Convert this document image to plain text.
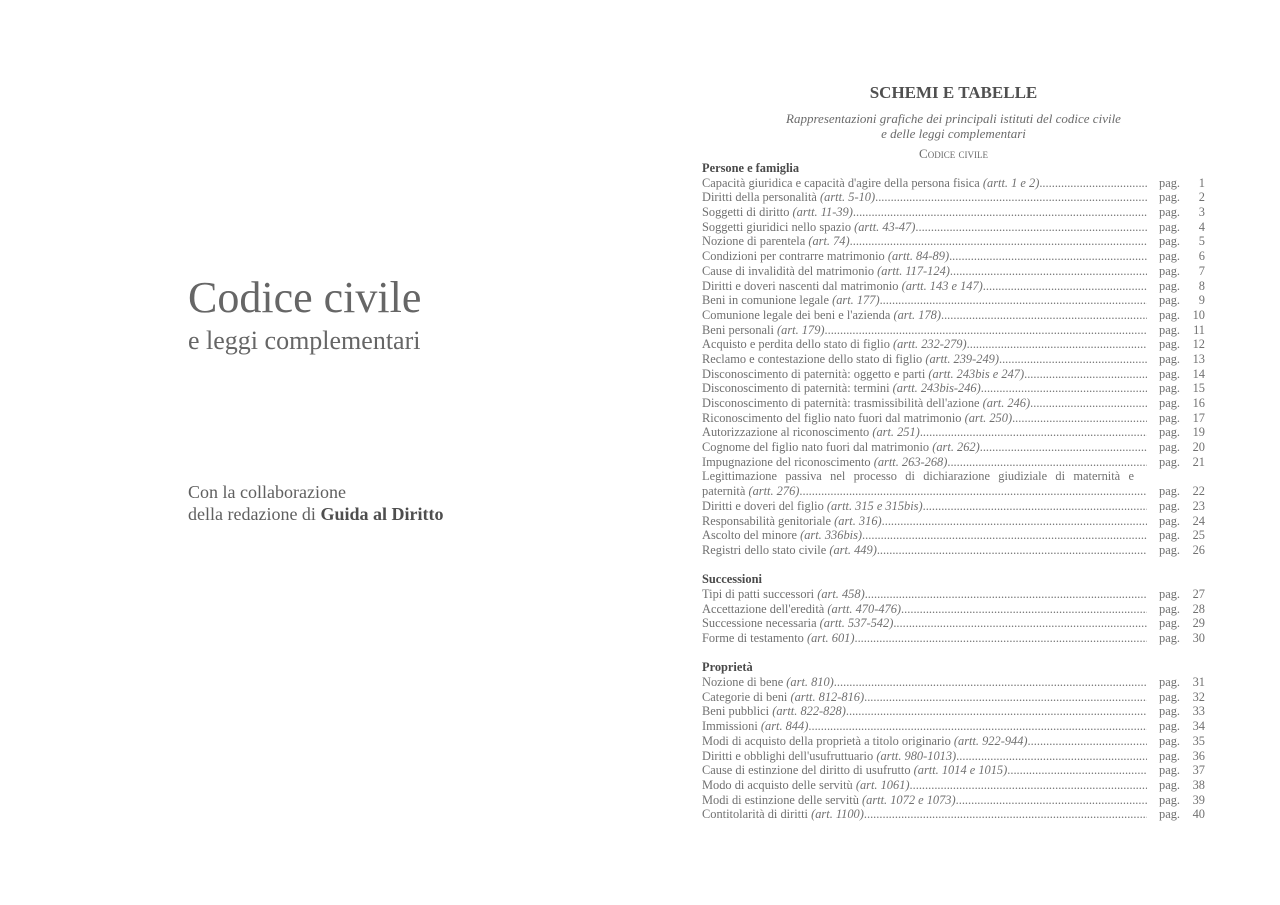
Codice civile
e leggi complementari
Con la collaborazione
della redazione di Guida al Diritto
SCHEMI E TABELLE
Rappresentazioni grafiche dei principali istituti del codice civile
e delle leggi complementari
Codice civile
Persone e famiglia
Capacità giuridica e capacità d'agire della persona fisica (artt. 1 e 2) .....	pag.	1
Diritti della personalità (artt. 5-10) .....	pag.	2
Soggetti di diritto (artt. 11-39) .....	pag.	3
Soggetti giuridici nello spazio (artt. 43-47) .....	pag.	4
Nozione di parentela (art. 74) .....	pag.	5
Condizioni per contrarre matrimonio (artt. 84-89) .....	pag.	6
Cause di invalidità del matrimonio (artt. 117-124) .....	pag.	7
Diritti e doveri nascenti dal matrimonio (artt. 143 e 147) .....	pag.	8
Beni in comunione legale (art. 177) .....	pag.	9
Comunione legale dei beni e l'azienda (art. 178) .....	pag.	10
Beni personali (art. 179) .....	pag.	11
Acquisto e perdita dello stato di figlio (artt. 232-279) .....	pag.	12
Reclamo e contestazione dello stato di figlio (artt. 239-249) .....	pag.	13
Disconoscimento di paternità: oggetto e parti (artt. 243bis e 247) .....	pag.	14
Disconoscimento di paternità: termini (artt. 243bis-246) .....	pag.	15
Disconoscimento di paternità: trasmissibilità dell'azione (art. 246) .....	pag.	16
Riconoscimento del figlio nato fuori dal matrimonio (art. 250) .....	pag.	17
Autorizzazione al riconoscimento (art. 251) .....	pag.	19
Cognome del figlio nato fuori dal matrimonio (art. 262) .....	pag.	20
Impugnazione del riconoscimento (artt. 263-268) .....	pag.	21
Legittimazione passiva nel processo di dichiarazione giudiziale di maternità e
paternità (artt. 276) .....	pag.	22
Diritti e doveri del figlio (artt. 315 e 315bis) .....	pag.	23
Responsabilità genitoriale (art. 316) .....	pag.	24
Ascolto del minore (art. 336bis) .....	pag.	25
Registri dello stato civile (art. 449) .....	pag.	26
Successioni
Tipi di patti successori (art. 458) .....	pag.	27
Accettazione dell'eredità (artt. 470-476) .....	pag.	28
Successione necessaria (artt. 537-542) .....	pag.	29
Forme di testamento (art. 601) .....	pag.	30
Proprietà
Nozione di bene (art. 810) .....	pag.	31
Categorie di beni (artt. 812-816) .....	pag.	32
Beni pubblici (artt. 822-828) .....	pag.	33
Immissioni (art. 844) .....	pag.	34
Modi di acquisto della proprietà a titolo originario (artt. 922-944) .....	pag.	35
Diritti e obblighi dell'usufruttuario (artt. 980-1013) .....	pag.	36
Cause di estinzione del diritto di usufrutto (artt. 1014 e 1015) .....	pag.	37
Modo di acquisto delle servitù (art. 1061) .....	pag.	38
Modi di estinzione delle servitù (artt. 1072 e 1073) .....	pag.	39
Contitolarità di diritti (art. 1100) .....	pag.	40
